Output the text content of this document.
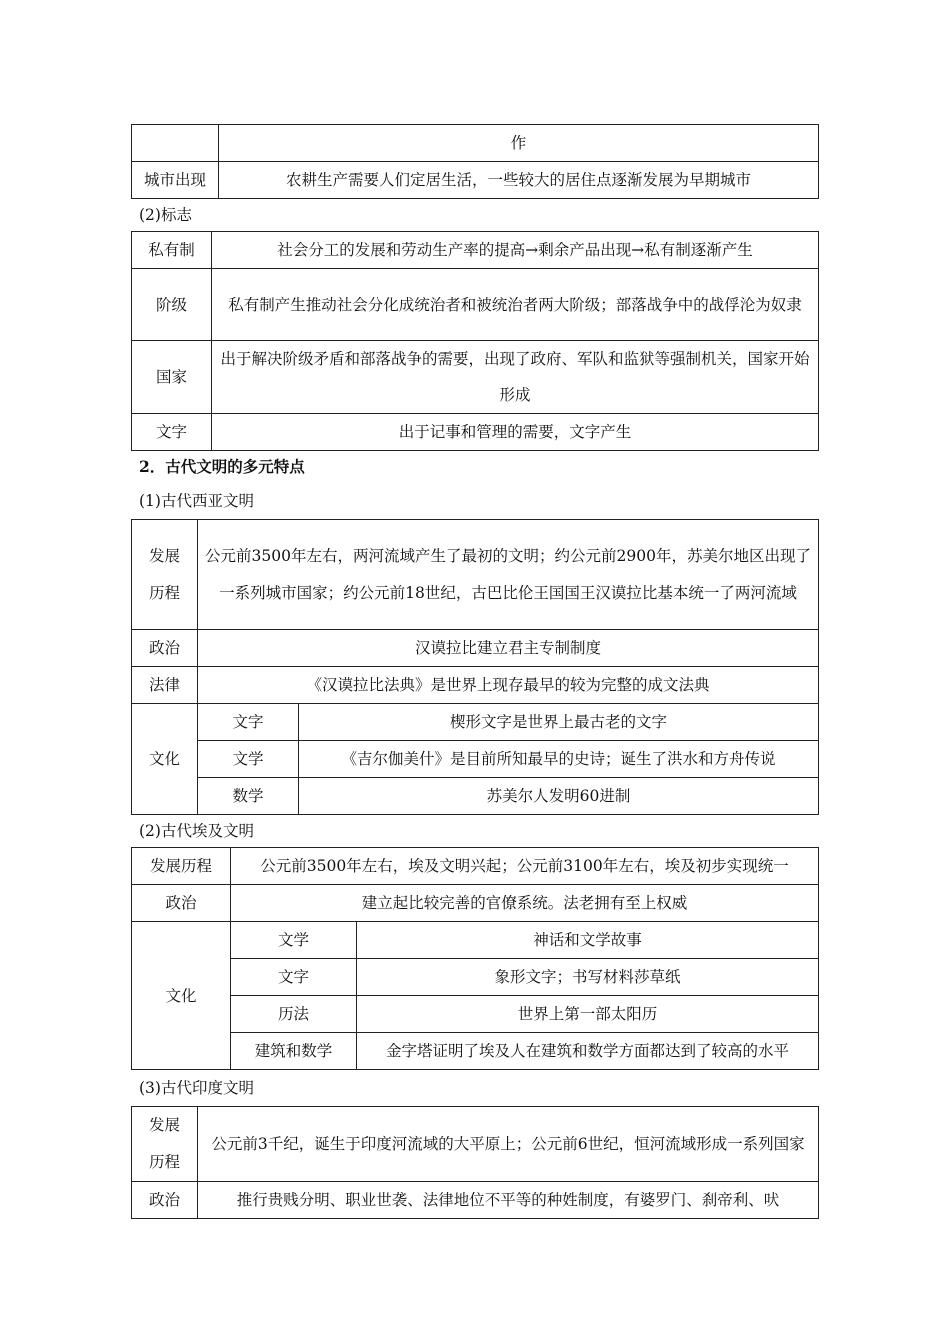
	作
城市出现	农耕生产需要人们定居生活，一些较大的居住点逐渐发展为早期城市
(2)标志
私有制	社会分工的发展和劳动生产率的提高→剩余产品出现→私有制逐渐产生
阶级	私有制产生推动社会分化成统治者和被统治者两大阶级；部落战争中的战俘沦为奴隶
国家	出于解决阶级矛盾和部落战争的需要，出现了政府、军队和监狱等强制机关，国家开始形成
文字	出于记事和管理的需要，文字产生
2．古代文明的多元特点
(1)古代西亚文明
发展历程	公元前3500年左右，两河流域产生了最初的文明；约公元前2900年，苏美尔地区出现了一系列城市国家；约公元前18世纪，古巴比伦王国国王汉谟拉比基本统一了两河流域	
政治	汉谟拉比建立君主专制制度	
法律	《汉谟拉比法典》是世界上现存最早的较为完整的成文法典	
文化	文字	楔形文字是世界上最古老的文字
	文学	《吉尔伽美什》是目前所知最早的史诗；诞生了洪水和方舟传说
	数学	苏美尔人发明60进制
(2)古代埃及文明
发展历程	公元前3500年左右，埃及文明兴起；公元前3100年左右，埃及初步实现统一	
政治	建立起比较完善的官僚系统。法老拥有至上权威	
文化	文学	神话和文学故事
	文字	象形文字；书写材料莎草纸
	历法	世界上第一部太阳历
	建筑和数学	金字塔证明了埃及人在建筑和数学方面都达到了较高的水平
(3)古代印度文明
发展历程	公元前3千纪，诞生于印度河流域的大平原上；公元前6世纪，恒河流域形成一系列国家
政治	推行贵贱分明、职业世袭、法律地位不平等的种姓制度，有婆罗门、刹帝利、吠
